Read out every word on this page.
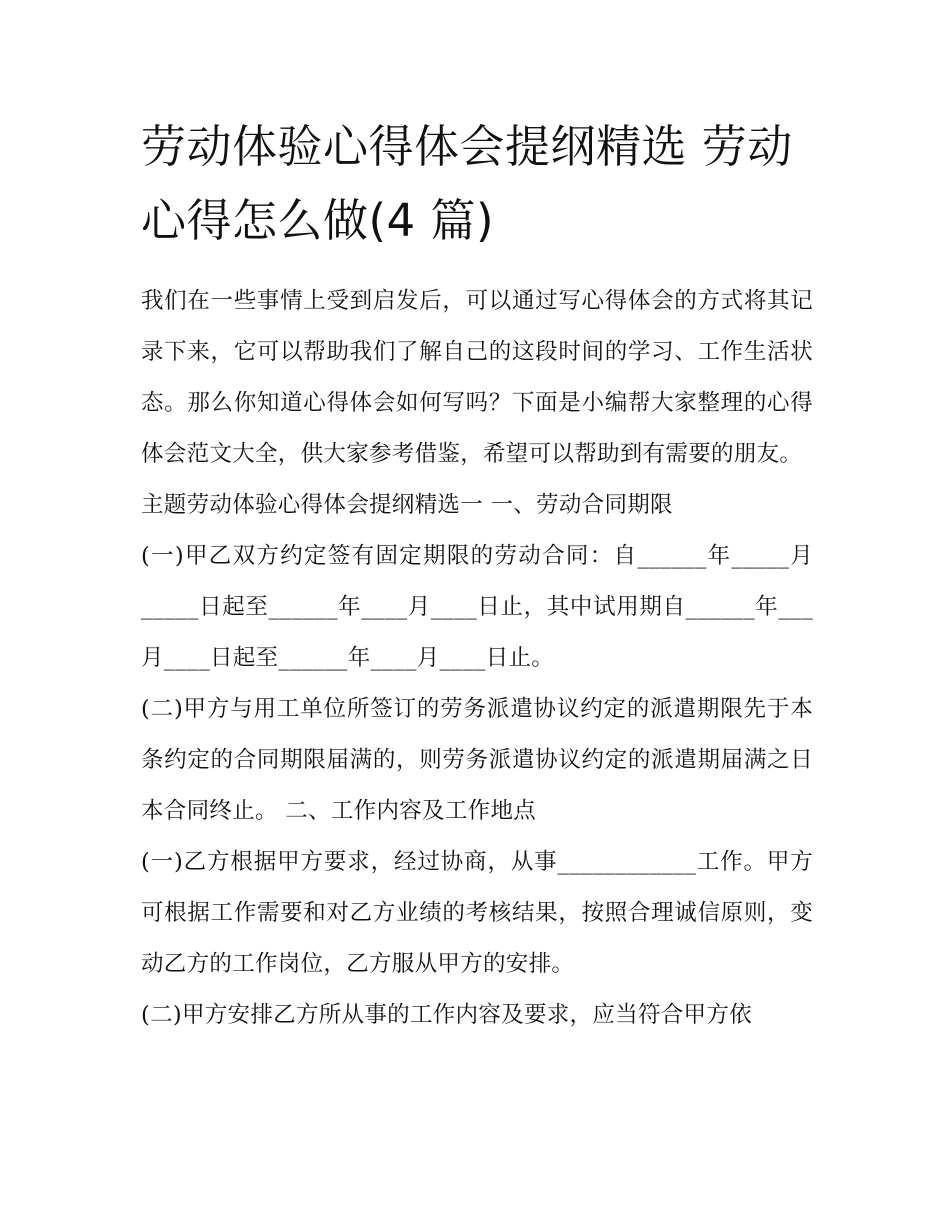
劳动体验心得体会提纲精选 劳动心得怎么做(4 篇)

我们在一些事情上受到启发后，可以通过写心得体会的方式将其记录下来，它可以帮助我们了解自己的这段时间的学习、工作生活状态。那么你知道心得体会如何写吗？下面是小编帮大家整理的心得体会范文大全，供大家参考借鉴，希望可以帮助到有需要的朋友。

主题劳动体验心得体会提纲精选一 一、劳动合同期限

(一)甲乙双方约定签有固定期限的劳动合同：自______年_____月_____日起至______年____月____日止，其中试用期自______年___月____日起至______年____月____日止。

(二)甲方与用工单位所签订的劳务派遣协议约定的派遣期限先于本条约定的合同期限届满的，则劳务派遣协议约定的派遣期届满之日本合同终止。 二、工作内容及工作地点

(一)乙方根据甲方要求，经过协商，从事____________工作。甲方可根据工作需要和对乙方业绩的考核结果，按照合理诚信原则，变动乙方的工作岗位，乙方服从甲方的安排。

(二)甲方安排乙方所从事的工作内容及要求，应当符合甲方依
